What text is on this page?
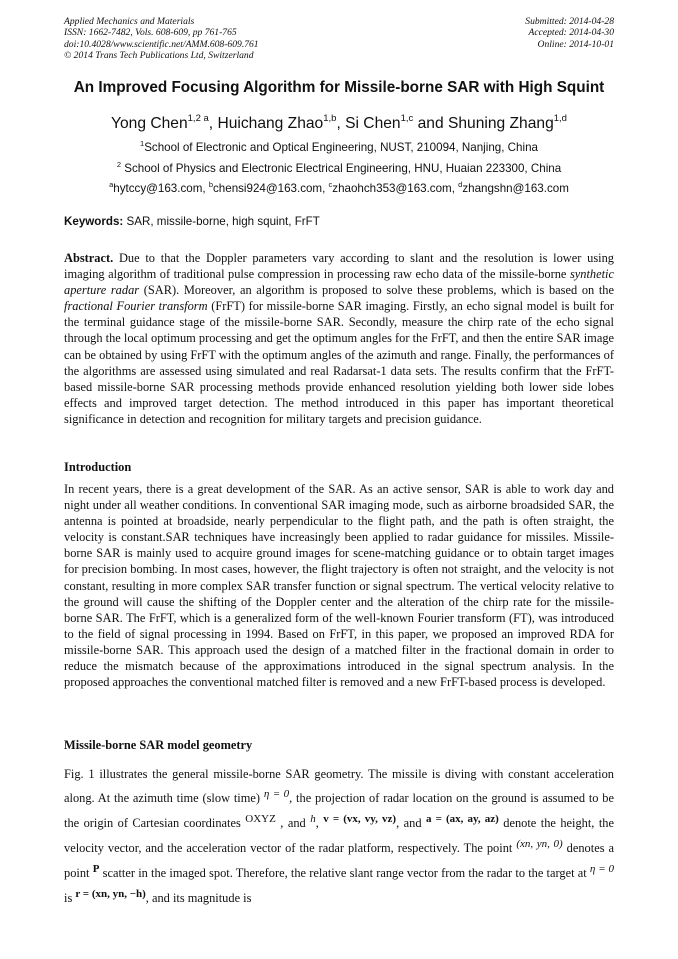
Applied Mechanics and Materials
ISSN: 1662-7482, Vols. 608-609, pp 761-765
doi:10.4028/www.scientific.net/AMM.608-609.761
© 2014 Trans Tech Publications Ltd, Switzerland
Submitted: 2014-04-28
Accepted: 2014-04-30
Online: 2014-10-01
An Improved Focusing Algorithm for Missile-borne SAR with High Squint
Yong Chen$^{1,2 a}$, Huichang Zhao$^{1,b}$, Si Chen$^{1,c}$ and Shuning Zhang$^{1,d}$
$^1$School of Electronic and Optical Engineering, NUST, 210094, Nanjing, China
$^2$ School of Physics and Electronic Electrical Engineering, HNU, Huaian 223300, China
$^a$hytccy@163.com, $^b$chensi924@163.com, $^c$zhaohch353@163.com, $^d$zhangshn@163.com
Keywords: SAR, missile-borne, high squint, FrFT
Abstract. Due to that the Doppler parameters vary according to slant and the resolution is lower using imaging algorithm of traditional pulse compression in processing raw echo data of the missile-borne synthetic aperture radar (SAR). Moreover, an algorithm is proposed to solve these problems, which is based on the fractional Fourier transform (FrFT) for missile-borne SAR imaging. Firstly, an echo signal model is built for the terminal guidance stage of the missile-borne SAR. Secondly, measure the chirp rate of the echo signal through the local optimum processing and get the optimum angles for the FrFT, and then the entire SAR image can be obtained by using FrFT with the optimum angles of the azimuth and range. Finally, the performances of the algorithms are assessed using simulated and real Radarsat-1 data sets. The results confirm that the FrFT-based missile-borne SAR processing methods provide enhanced resolution yielding both lower side lobes effects and improved target detection. The method introduced in this paper has important theoretical significance in detection and recognition for military targets and precision guidance.
Introduction
In recent years, there is a great development of the SAR. As an active sensor, SAR is able to work day and night under all weather conditions. In conventional SAR imaging mode, such as airborne broadsided SAR, the antenna is pointed at broadside, nearly perpendicular to the flight path, and the path is often straight, the velocity is constant.SAR techniques have increasingly been applied to radar guidance for missiles. Missile-borne SAR is mainly used to acquire ground images for scene-matching guidance or to obtain target images for precision bombing. In most cases, however, the flight trajectory is often not straight, and the velocity is not constant, resulting in more complex SAR transfer function or signal spectrum. The vertical velocity relative to the ground will cause the shifting of the Doppler center and the alteration of the chirp rate for the missile-borne SAR. The FrFT, which is a generalized form of the well-known Fourier transform (FT), was introduced to the field of signal processing in 1994. Based on FrFT, in this paper, we proposed an improved RDA for missile-borne SAR. This approach used the design of a matched filter in the fractional domain in order to reduce the mismatch because of the approximations introduced in the signal spectrum analysis. In the proposed approaches the conventional matched filter is removed and a new FrFT-based process is developed.
Missile-borne SAR model geometry
Fig. 1 illustrates the general missile-borne SAR geometry. The missile is diving with constant acceleration along. At the azimuth time (slow time) η = 0, the projection of radar location on the ground is assumed to be the origin of Cartesian coordinates OXYZ , and h, v = (vx, vy, vz), and a = (ax, ay, az) denote the height, the velocity vector, and the acceleration vector of the radar platform, respectively. The point (xn, yn, 0) denotes a point P scatter in the imaged spot. Therefore, the relative slant range vector from the radar to the target at η = 0 is r = (xn, yn, −h), and its magnitude is
